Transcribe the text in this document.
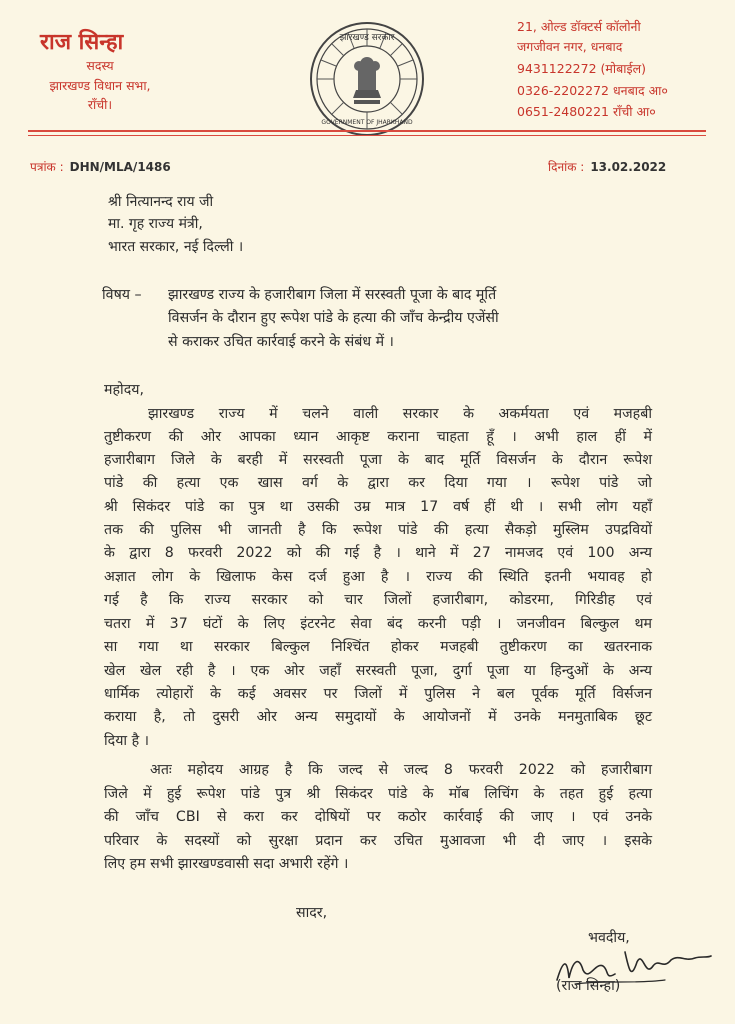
राज सिन्हा
सदस्य
झारखण्ड विधान सभा,
राँची।
झारखण्ड सरकार
GOVERNMENT OF JHARKHAND
21, ओल्ड डॉक्टर्स कॉलोनी
जगजीवन नगर, धनबाद
9431122272 (मोबाईल)
0326-2202272 धनबाद आ०
0651-2480221 राँची आ०
पत्रांक : DHN/MLA/1486	दिनांक : 13.02.2022
श्री नित्यानन्द राय जी
मा. गृह राज्य मंत्री,
भारत सरकार, नई दिल्ली ।
विषय – झारखण्ड राज्य के हजारीबाग जिला में सरस्वती पूजा के बाद मूर्ति
विसर्जन के दौरान हुए रूपेश पांडे के हत्या की जाँच केन्द्रीय एजेंसी
से कराकर उचित कार्रवाई करने के संबंध में ।
महोदय,
झारखण्ड राज्य में चलने वाली सरकार के अकर्मयता एवं मजहबी
तुष्टीकरण की ओर आपका ध्यान आकृष्ट कराना चाहता हूँ । अभी हाल हीं में
हजारीबाग जिले के बरही में सरस्वती पूजा के बाद मूर्ति विसर्जन के दौरान रूपेश
पांडे की हत्या एक खास वर्ग के द्वारा कर दिया गया । रूपेश पांडे जो
श्री सिकंदर पांडे का पुत्र था उसकी उम्र मात्र 17 वर्ष हीं थी । सभी लोग यहाँ
तक की पुलिस भी जानती है कि रूपेश पांडे की हत्या सैकड़ो मुस्लिम उपद्रवियों
के द्वारा 8 फरवरी 2022 को की गई है । थाने में 27 नामजद एवं 100 अन्य
अज्ञात लोग के खिलाफ केस दर्ज हुआ है । राज्य की स्थिति इतनी भयावह हो
गई है कि राज्य सरकार को चार जिलों हजारीबाग, कोडरमा, गिरिडीह एवं
चतरा में 37 घंटों के लिए इंटरनेट सेवा बंद करनी पड़ी । जनजीवन बिल्कुल थम
सा गया था सरकार बिल्कुल निश्चिंत होकर मजहबी तुष्टीकरण का खतरनाक
खेल खेल रही है । एक ओर जहाँ सरस्वती पूजा, दुर्गा पूजा या हिन्दुओं के अन्य
धार्मिक त्योहारों के कई अवसर पर जिलों में पुलिस ने बल पूर्वक मूर्ति विर्सजन
कराया है, तो दुसरी ओर अन्य समुदायों के आयोजनों में उनके मनमुताबिक छूट
दिया है ।
अतः महोदय आग्रह है कि जल्द से जल्द 8 फरवरी 2022 को हजारीबाग
जिले में हुई रूपेश पांडे पुत्र श्री सिकंदर पांडे के मॉब लिचिंग के तहत हुई हत्या
की जाँच CBI से करा कर दोषियों पर कठोर कार्रवाई की जाए । एवं उनके
परिवार के सदस्यों को सुरक्षा प्रदान कर उचित मुआवजा भी दी जाए । इसके
लिए हम सभी झारखण्डवासी सदा अभारी रहेंगे ।
सादर,
भवदीय,
(राज सिन्हा)
